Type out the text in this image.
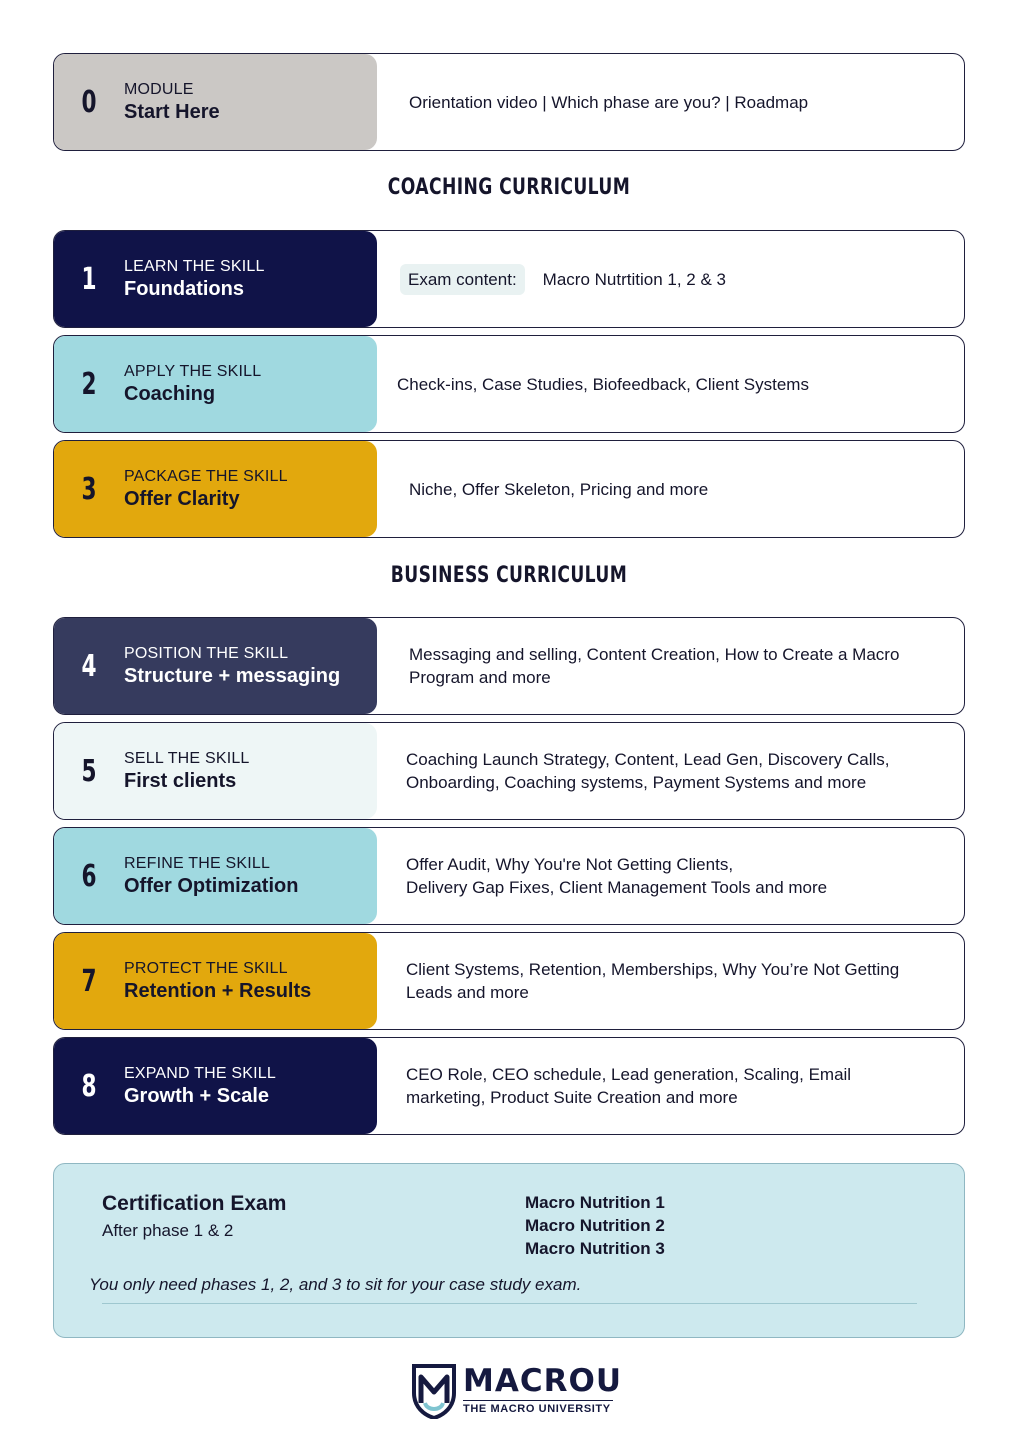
0	MODULE
Start Here	Orientation video | Which phase are you? | Roadmap
COACHING CURRICULUM
1	LEARN THE SKILL
Foundations	Exam content:	Macro Nutrtition 1, 2 & 3
2	APPLY THE SKILL
Coaching	Check-ins, Case Studies, Biofeedback, Client Systems
3	PACKAGE THE SKILL
Offer Clarity	Niche, Offer Skeleton, Pricing and more
BUSINESS CURRICULUM
4	POSITION THE SKILL
Structure + messaging
Messaging and selling, Content Creation, How to Create a Macro Program and more
5	SELL THE SKILL
First clients
Coaching Launch Strategy, Content, Lead Gen, Discovery Calls, Onboarding, Coaching systems, Payment Systems and more
6	REFINE THE SKILL
Offer Optimization
Offer Audit, Why You're Not Getting Clients,
Delivery Gap Fixes, Client Management Tools and more
7	PROTECT THE SKILL
Retention + Results
Client Systems, Retention, Memberships, Why You’re Not Getting Leads and more
8	EXPAND THE SKILL
Growth + Scale
CEO Role, CEO schedule, Lead generation, Scaling, Email marketing, Product Suite Creation and more
Certification Exam
After phase 1 & 2
Macro Nutrition 1
Macro Nutrition 2
Macro Nutrition 3
You only need phases 1, 2, and 3 to sit for your case study exam.
MACROU
THE MACRO UNIVERSITY
